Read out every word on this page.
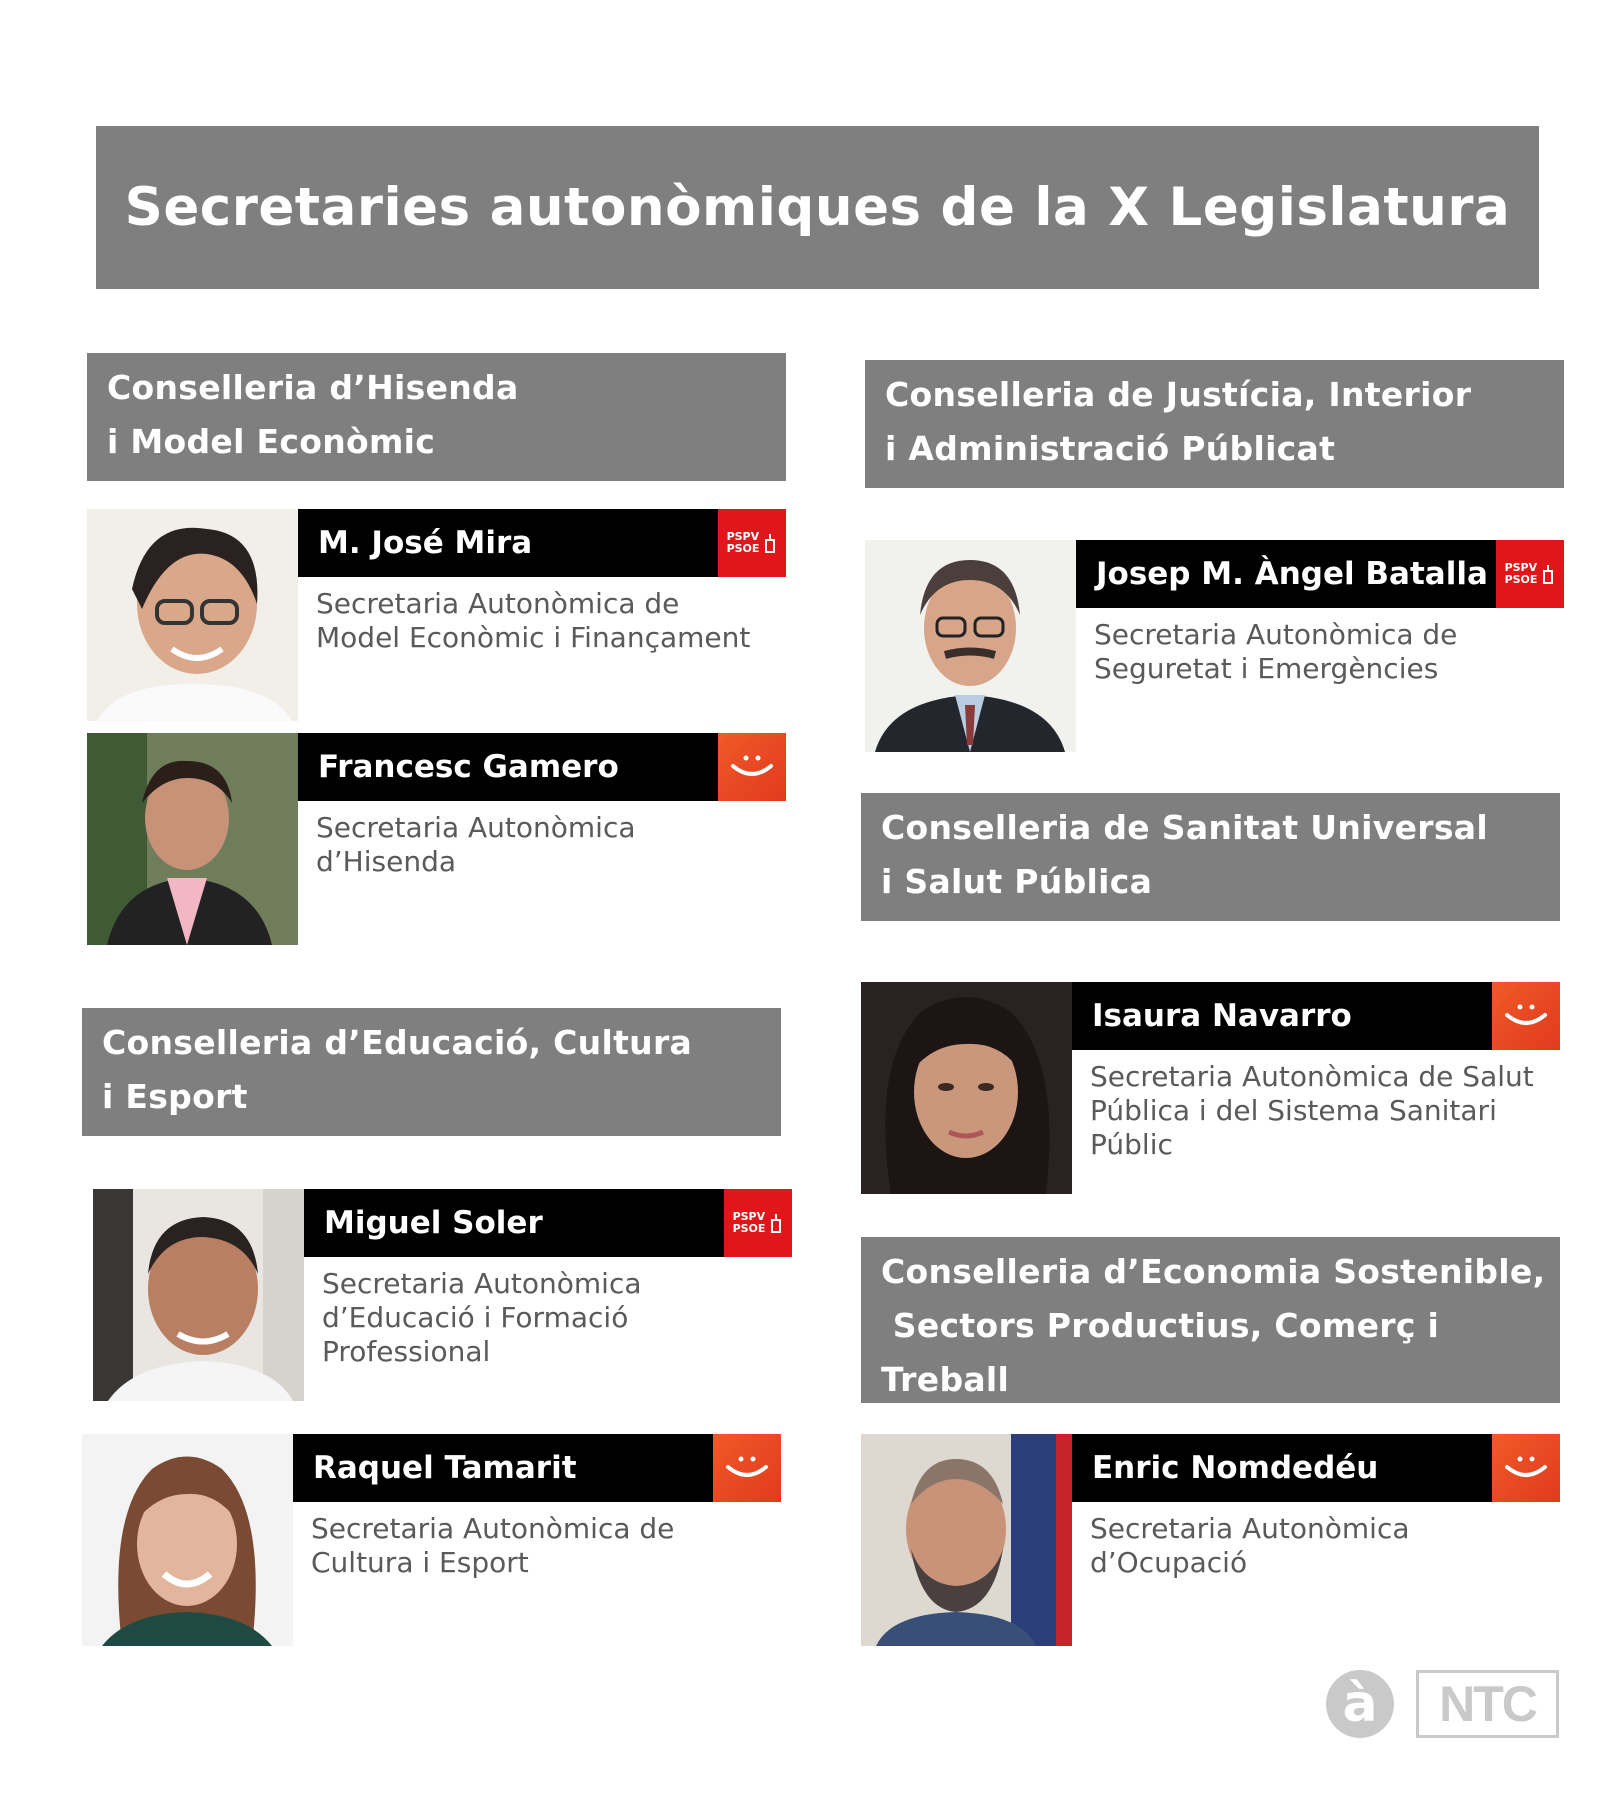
Secretaries autonòmiques de la X Legislatura
Conselleria d’Hisenda
i Model Econòmic
Conselleria de Justícia, Interior
i Administració Públicat
Conselleria de Sanitat Universal
i Salut Pública
Conselleria d’Educació, Cultura
i Esport
Conselleria d’Economia Sostenible,
Sectors Productius, Comerç i
Treball
M. José Mira	PSPV
PSOE
Secretaria Autonòmica de
Model Econòmic i Finançament
Francesc Gamero
Secretaria Autonòmica
d’Hisenda
Josep M. Àngel Batalla	PSPV
PSOE
Secretaria Autonòmica de
Seguretat i Emergències
Isaura Navarro
Secretaria Autonòmica de Salut
Pública i del Sistema Sanitari
Públic
Miguel Soler	PSPV
PSOE
Secretaria Autonòmica
d’Educació i Formació
Professional
Raquel Tamarit
Secretaria Autonòmica de
Cultura i Esport
Enric Nomdedéu
Secretaria Autonòmica
d’Ocupació
à	NTC
